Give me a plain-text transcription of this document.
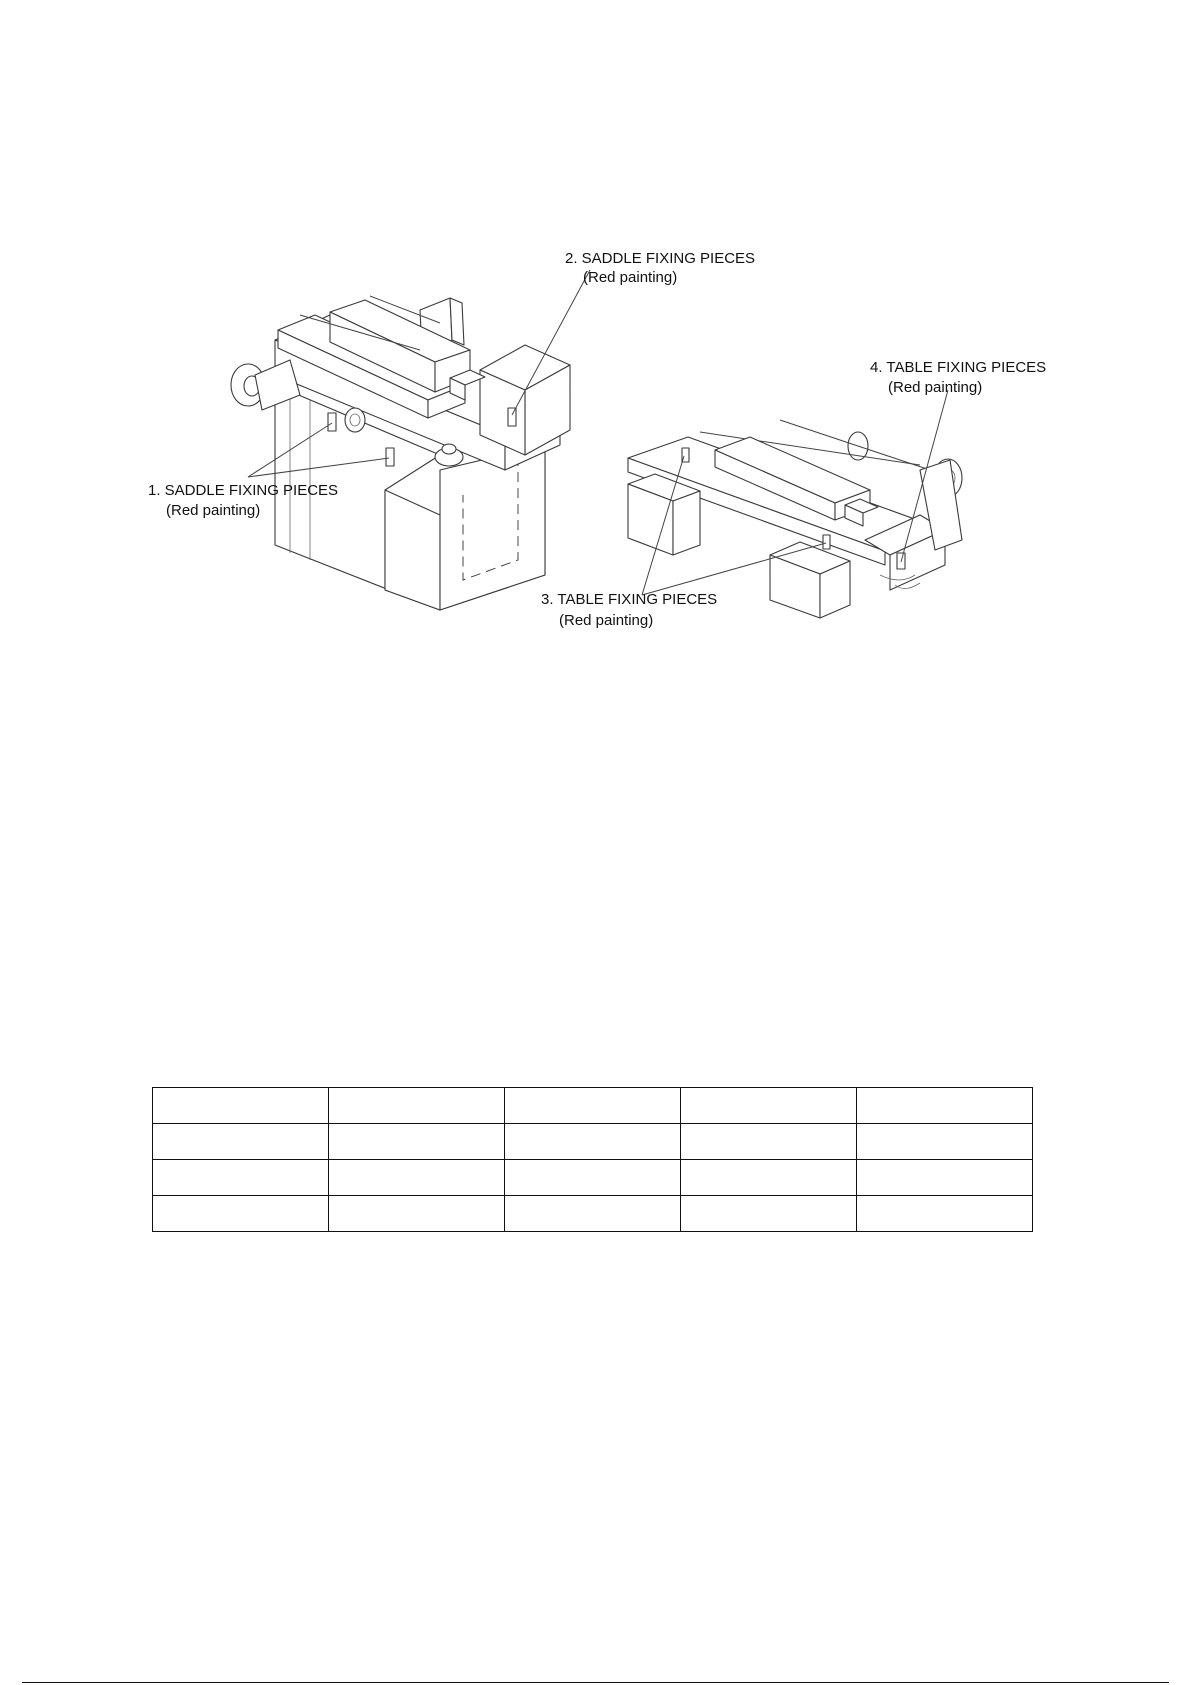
1. SADDLE FIXING PIECES
(Red painting)
2. SADDLE FIXING PIECES
(Red painting)
3. TABLE FIXING PIECES
(Red painting)
4. TABLE FIXING PIECES
(Red painting)
